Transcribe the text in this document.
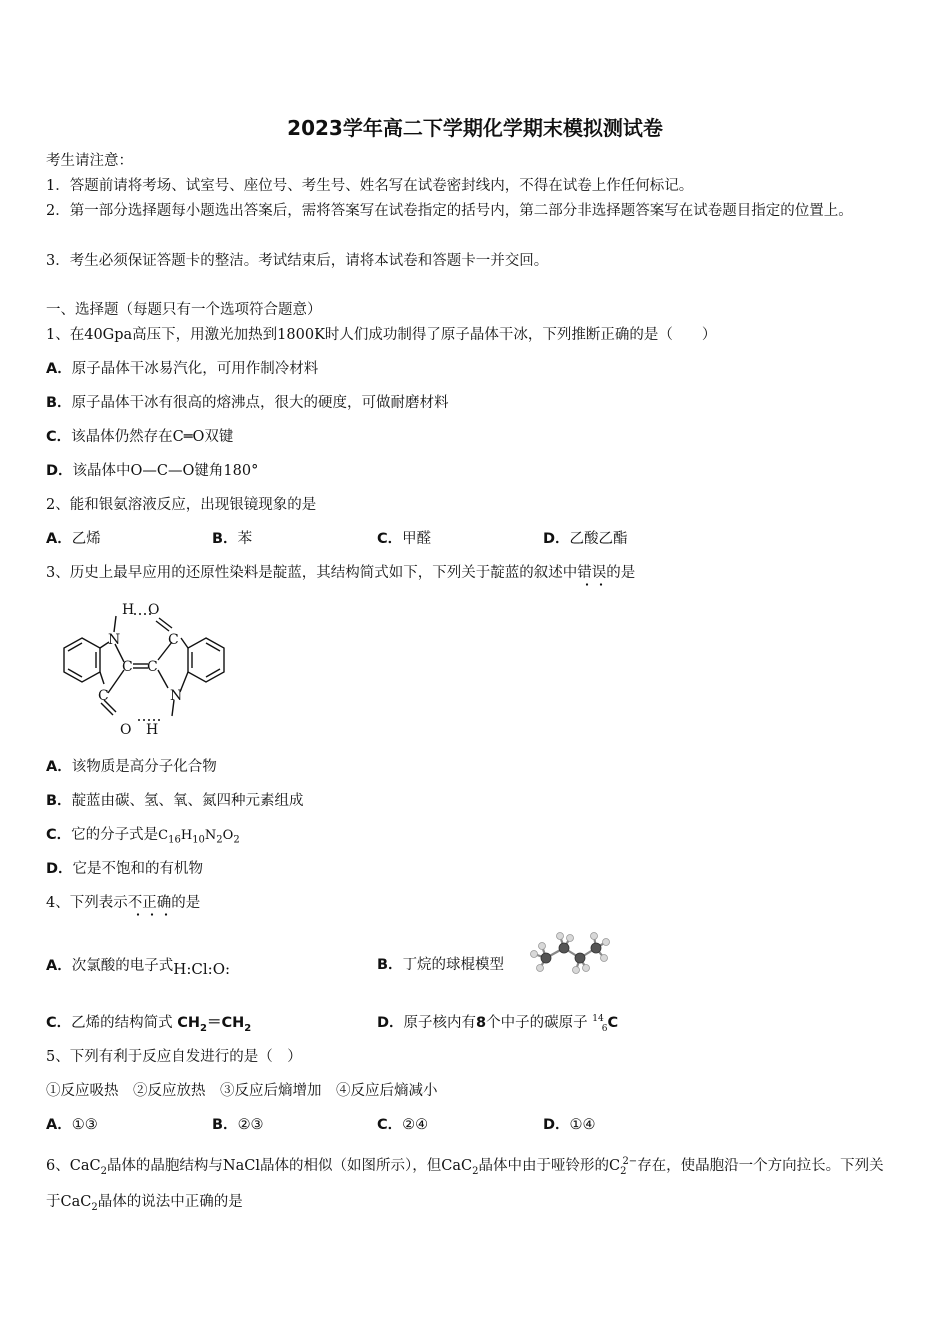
2023学年高二下学期化学期末模拟测试卷
考生请注意：
1．答题前请将考场、试室号、座位号、考生号、姓名写在试卷密封线内，不得在试卷上作任何标记。
2．第一部分选择题每小题选出答案后，需将答案写在试卷指定的括号内，第二部分非选择题答案写在试卷题目指定的位置上。
3．考生必须保证答题卡的整洁。考试结束后，请将本试卷和答题卡一并交回。
一、选择题（每题只有一个选项符合题意）
1、在40Gpa高压下，用激光加热到1800K时人们成功制得了原子晶体干冰，下列推断正确的是（　　）
A．原子晶体干冰易汽化，可用作制冷材料
B．原子晶体干冰有很高的熔沸点，很大的硬度，可做耐磨材料
C．该晶体仍然存在C═O双键
D．该晶体中O—C—O键角180°
2、能和银氨溶液反应，出现银镜现象的是
A．乙烯	B．苯	C．甲醛	D．乙酸乙酯
3、历史上最早应用的还原性染料是靛蓝，其结构简式如下，下列关于靛蓝的叙述中错误的是
H O
N	C
C C
C	N
O H
A．该物质是高分子化合物
B．靛蓝由碳、氢、氧、氮四种元素组成
C．它的分子式是$C_{16}H_{10}N_2O_2$
D．它是不饱和的有机物
4、下列表示不正确的是
A．次氯酸的电子式H:Cl:O:	B．丁烷的球棍模型
C．乙烯的结构简式 $CH_2=CH_2$	D．原子核内有8个中子的碳原子 $^{14}_6$C
5、下列有利于反应自发进行的是（　）
①反应吸热　②反应放热　③反应后熵增加　④反应后熵减小
A．①③	B．②③	C．②④	D．①④
6、CaC$_2$晶体的晶胞结构与NaCl晶体的相似（如图所示），但CaC$_2$晶体中由于哑铃形的$C_2^{2-}$存在，使晶胞沿一个方向拉长。下列关于CaC$_2$晶体的说法中正确的是
